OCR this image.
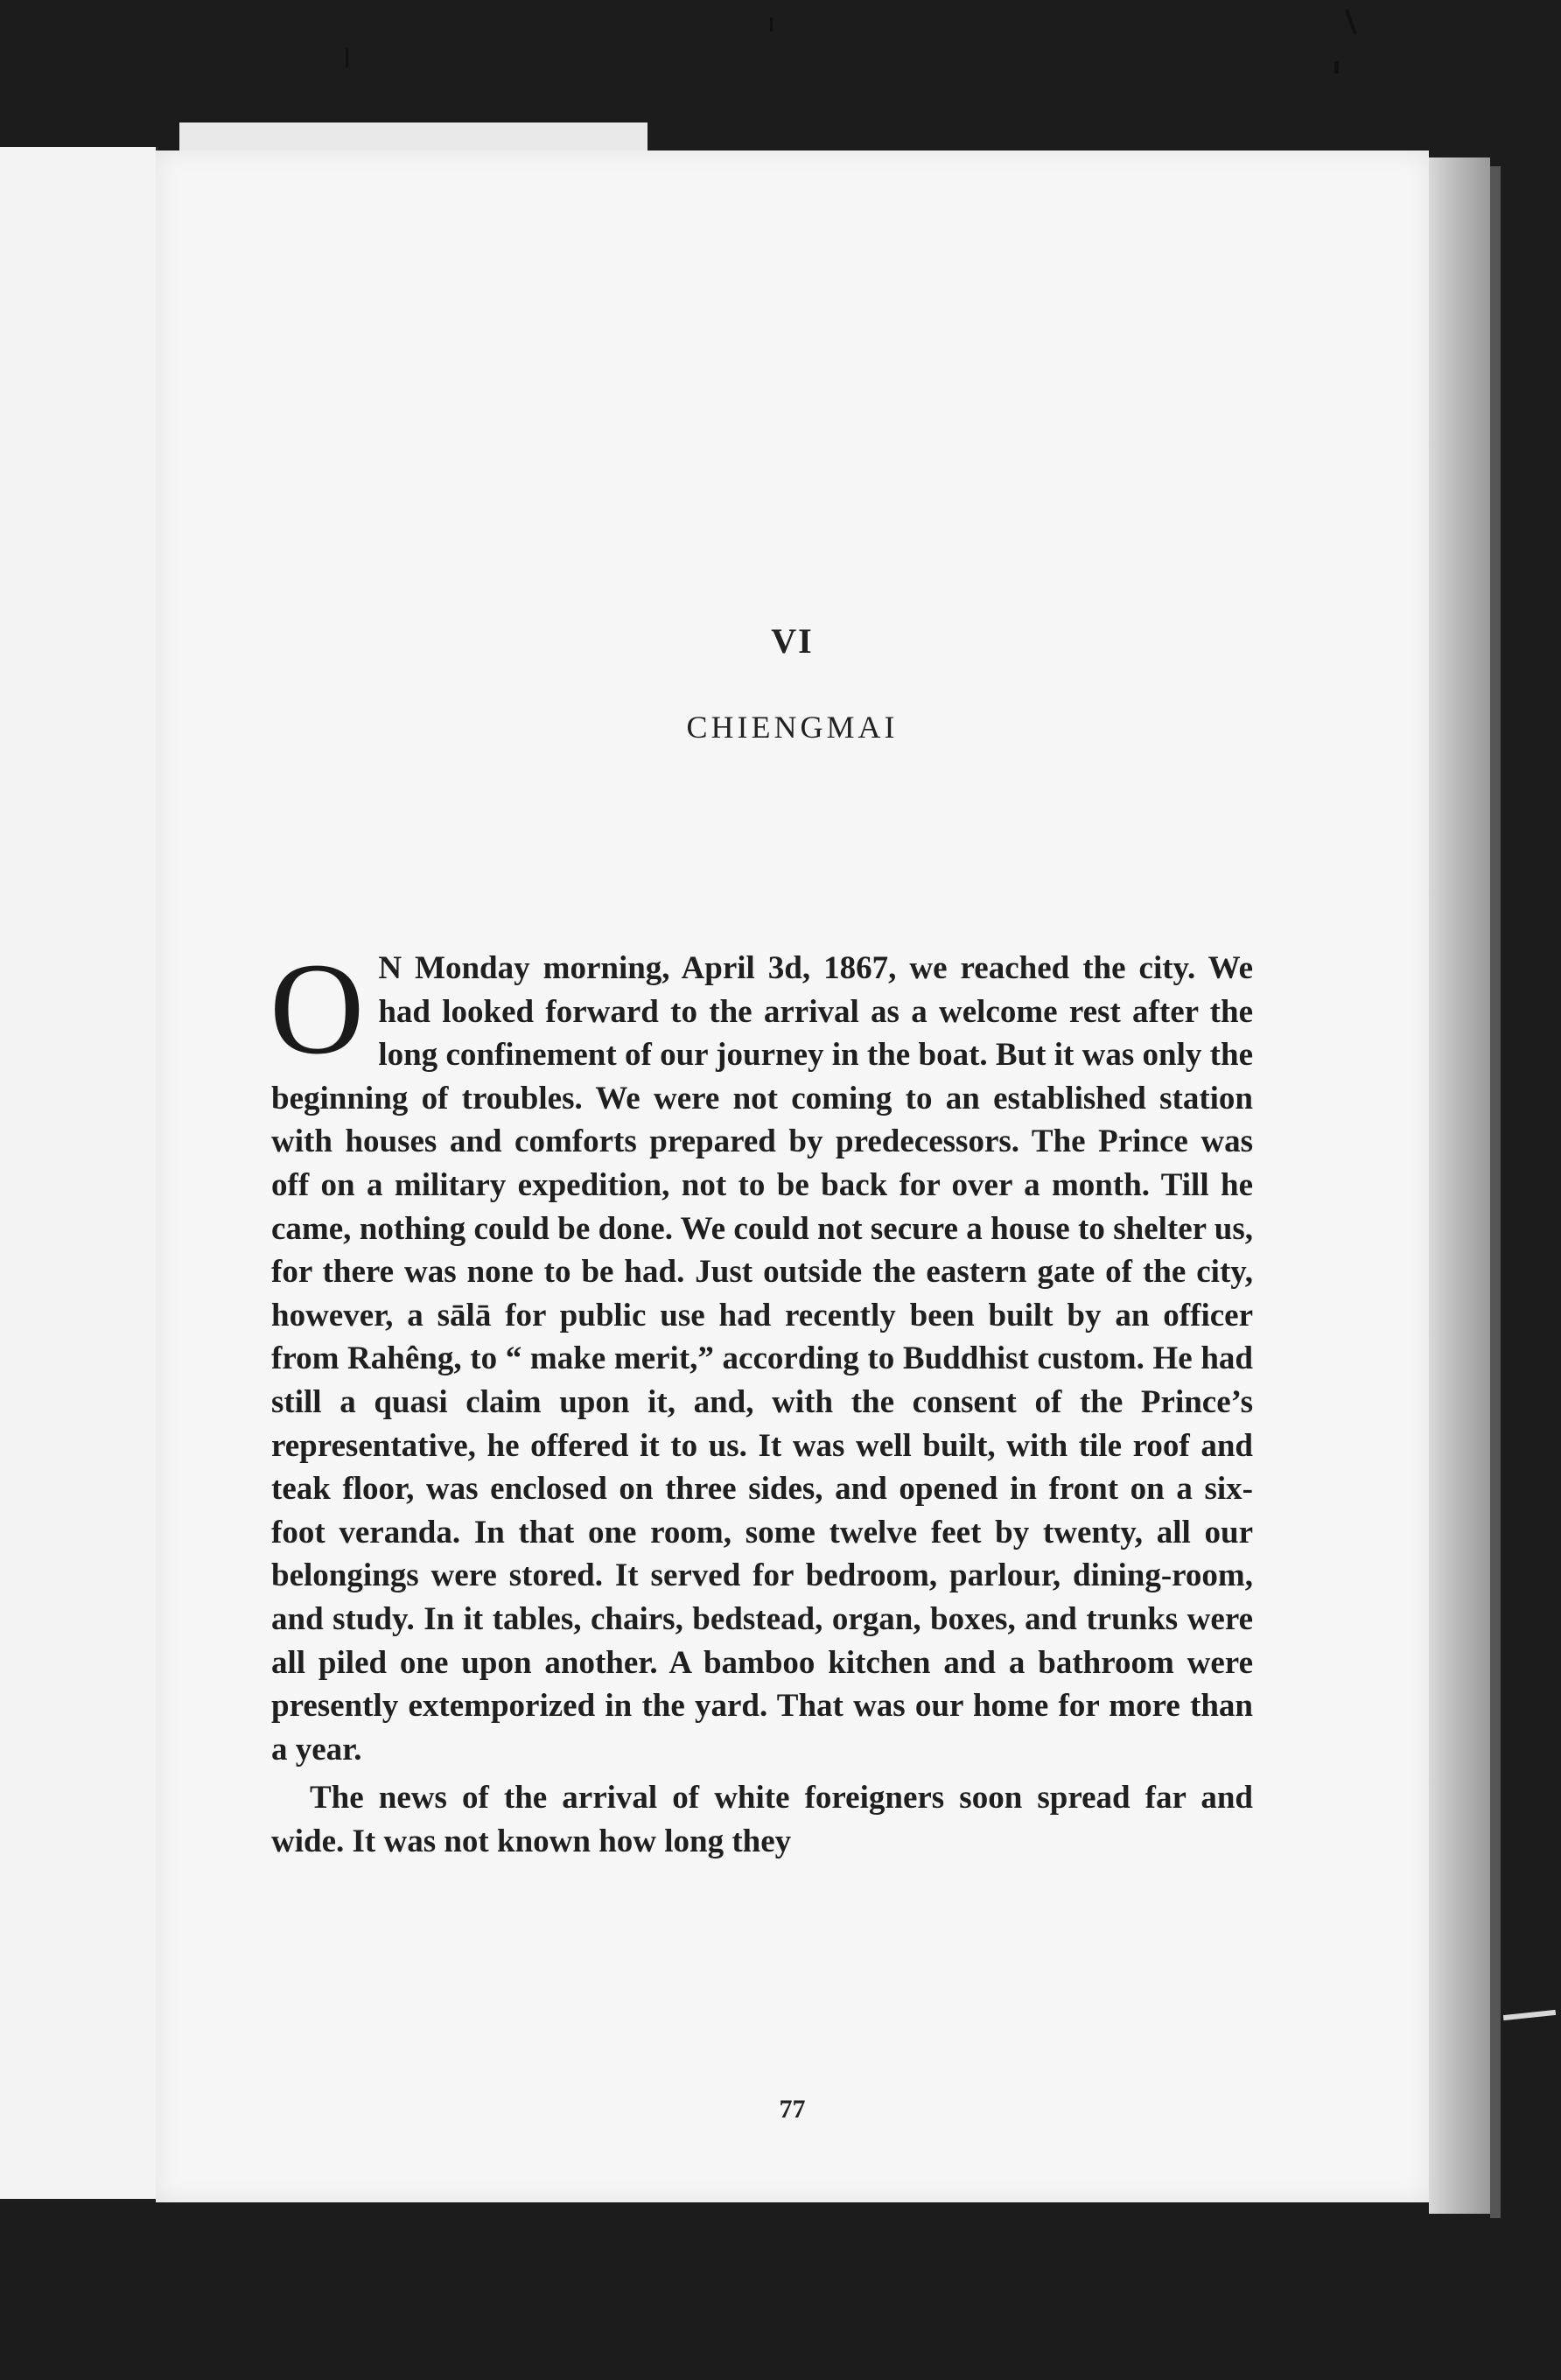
VI
CHIENGMAI

O N Monday morning, April 3d, 1867, we reached the city. We had looked forward to the arrival as a welcome rest after the long confinement of our journey in the boat. But it was only the beginning of troubles. We were not coming to an established station with houses and comforts prepared by predecessors. The Prince was off on a military expedition, not to be back for over a month. Till he came, nothing could be done. We could not secure a house to shelter us, for there was none to be had. Just outside the eastern gate of the city, however, a sālā for public use had recently been built by an officer from Rahêng, to “ make merit,” according to Buddhist custom. He had still a quasi claim upon it, and, with the consent of the Prince’s representative, he offered it to us. It was well built, with tile roof and teak floor, was enclosed on three sides, and opened in front on a six-foot veranda. In that one room, some twelve feet by twenty, all our belongings were stored. It served for bedroom, parlour, dining-room, and study. In it tables, chairs, bedstead, organ, boxes, and trunks were all piled one upon another. A bamboo kitchen and a bathroom were presently extemporized in the yard. That was our home for more than a year.

The news of the arrival of white foreigners soon spread far and wide. It was not known how long they

77
